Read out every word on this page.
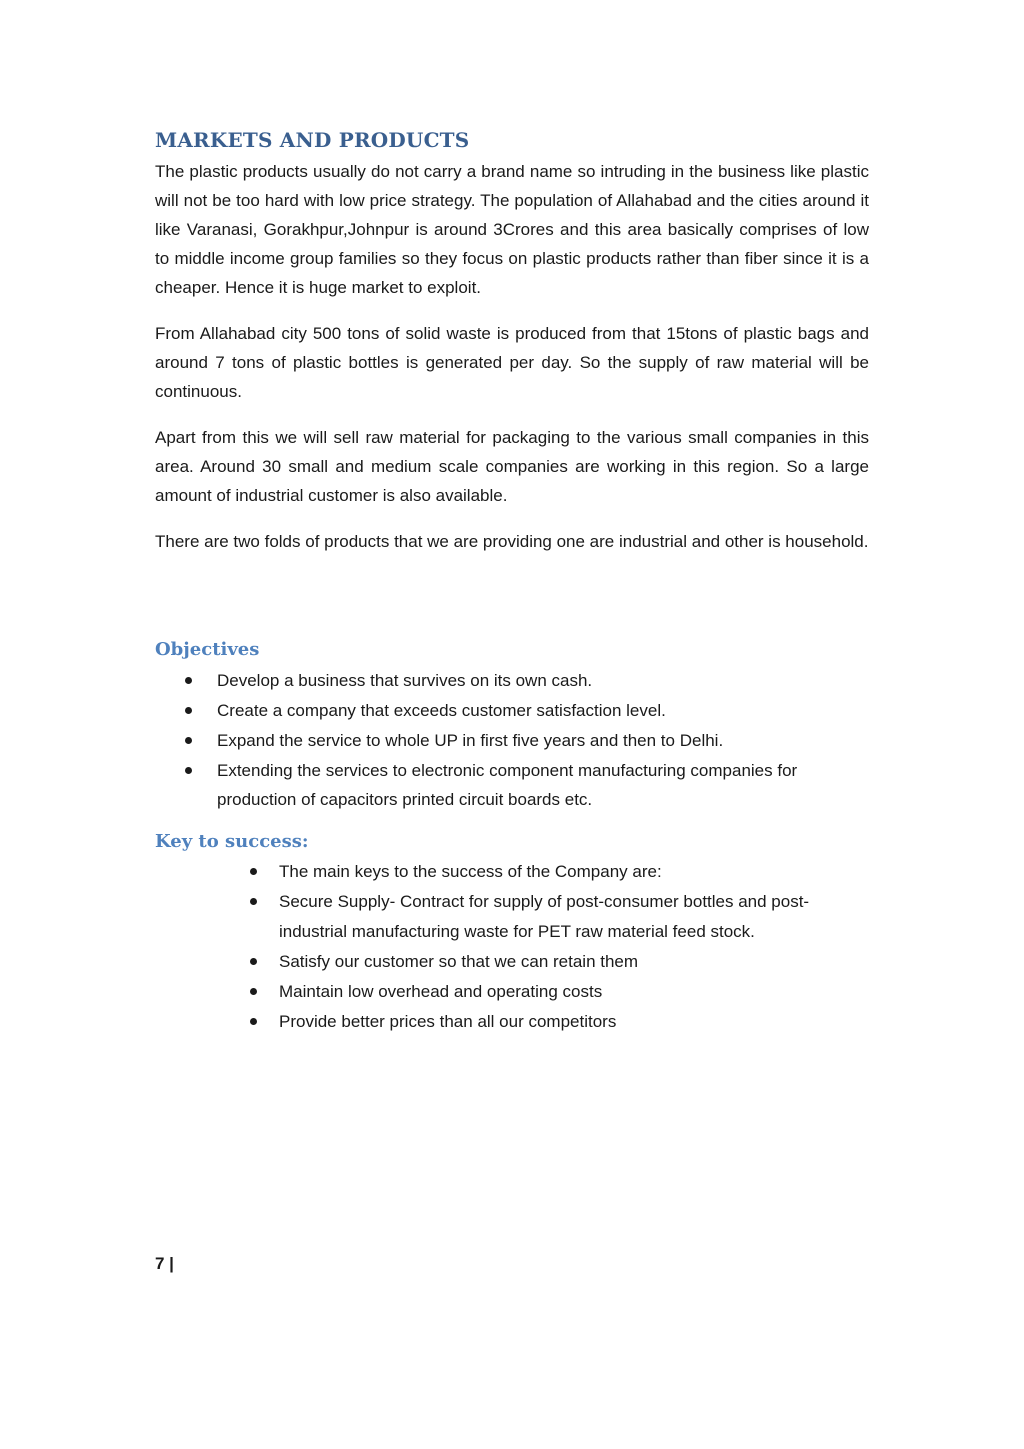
MARKETS AND PRODUCTS

The plastic products usually do not carry a brand name so intruding in the business like plastic will not be too hard with low price strategy. The population of Allahabad and the cities around it like Varanasi, Gorakhpur,Johnpur is around 3Crores and this area basically comprises of low to middle income group families so they focus on plastic products rather than fiber since it is a cheaper. Hence it is huge market to exploit.

From Allahabad city 500 tons of solid waste is produced from that 15tons of plastic bags and around 7 tons of plastic bottles is generated per day. So the supply of raw material will be continuous.

Apart from this we will sell raw material for packaging to the various small companies in this area. Around 30 small and medium scale companies are working in this region. So a large amount of industrial customer is also available.

There are two folds of products that we are providing one are industrial and other is household.

Objectives
Develop a business that survives on its own cash.
Create a company that exceeds customer satisfaction level.
Expand the service to whole UP in first five years and then to Delhi.
Extending the services to electronic component manufacturing companies for production of capacitors printed circuit boards etc.
Key to success:
The main keys to the success of the Company are:
Secure Supply- Contract for supply of post-consumer bottles and post-industrial manufacturing waste for PET raw material feed stock.
Satisfy our customer so that we can retain them
Maintain low overhead and operating costs
Provide better prices than all our competitors
7 |
